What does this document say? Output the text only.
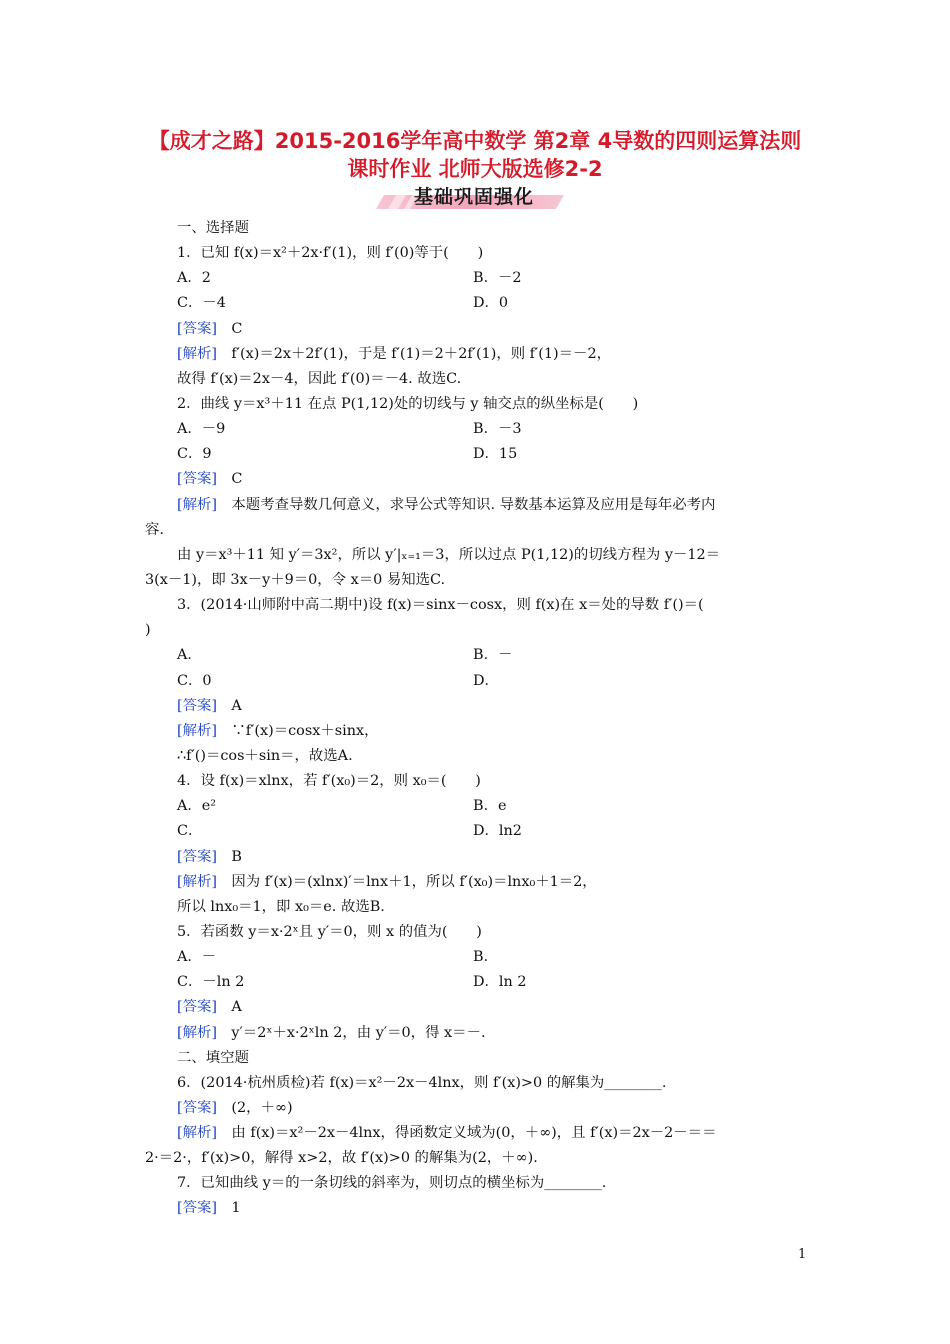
【成才之路】2015-2016学年高中数学 第2章 4导数的四则运算法则
课时作业 北师大版选修2-2
基础巩固强化
一、选择题
1．已知 f(x)＝x²＋2x·f′(1)，则 f′(0)等于(　　)
A．2	B．－2
C．－4	D．0
[答案]　C
[解析]　f′(x)＝2x＋2f′(1)，于是 f′(1)＝2＋2f′(1)，则 f′(1)＝－2，
故得 f′(x)＝2x－4，因此 f′(0)＝－4. 故选C.
2．曲线 y＝x³＋11 在点 P(1,12)处的切线与 y 轴交点的纵坐标是(　　)
A．－9	B．－3
C．9	D．15
[答案]　C
[解析]　本题考查导数几何意义，求导公式等知识. 导数基本运算及应用是每年必考内
容.
由 y＝x³＋11 知 y′＝3x²，所以 y′|ₓ₌₁＝3，所以过点 P(1,12)的切线方程为 y－12＝
3(x－1)，即 3x－y＋9＝0，令 x＝0 易知选C.
3．(2014·山师附中高二期中)设 f(x)＝sinx－cosx，则 f(x)在 x＝处的导数 f′()＝(
)
A．	B．－
C．0	D．
[答案]　A
[解析]　∵f′(x)＝cosx＋sinx，
∴f′()＝cos＋sin＝，故选A.
4．设 f(x)＝xlnx，若 f′(x₀)＝2，则 x₀＝(　　)
A．e²	B．e
C．	D．ln2
[答案]　B
[解析]　因为 f′(x)＝(xlnx)′＝lnx＋1，所以 f′(x₀)＝lnx₀＋1＝2，
所以 lnx₀＝1，即 x₀＝e. 故选B.
5．若函数 y＝x·2ˣ且 y′＝0，则 x 的值为(　　)
A．－	B．
C．－ln 2	D．ln 2
[答案]　A
[解析]　y′＝2ˣ＋x·2ˣln 2，由 y′＝0，得 x＝－.
二、填空题
6．(2014·杭州质检)若 f(x)＝x²－2x－4lnx，则 f′(x)>0 的解集为________.
[答案]　(2，＋∞)
[解析]　由 f(x)＝x²－2x－4lnx，得函数定义域为(0，＋∞)，且 f′(x)＝2x－2－＝＝
2·＝2·，f′(x)>0，解得 x>2，故 f′(x)>0 的解集为(2，＋∞).
7．已知曲线 y＝的一条切线的斜率为，则切点的横坐标为________.
[答案]　1
1
